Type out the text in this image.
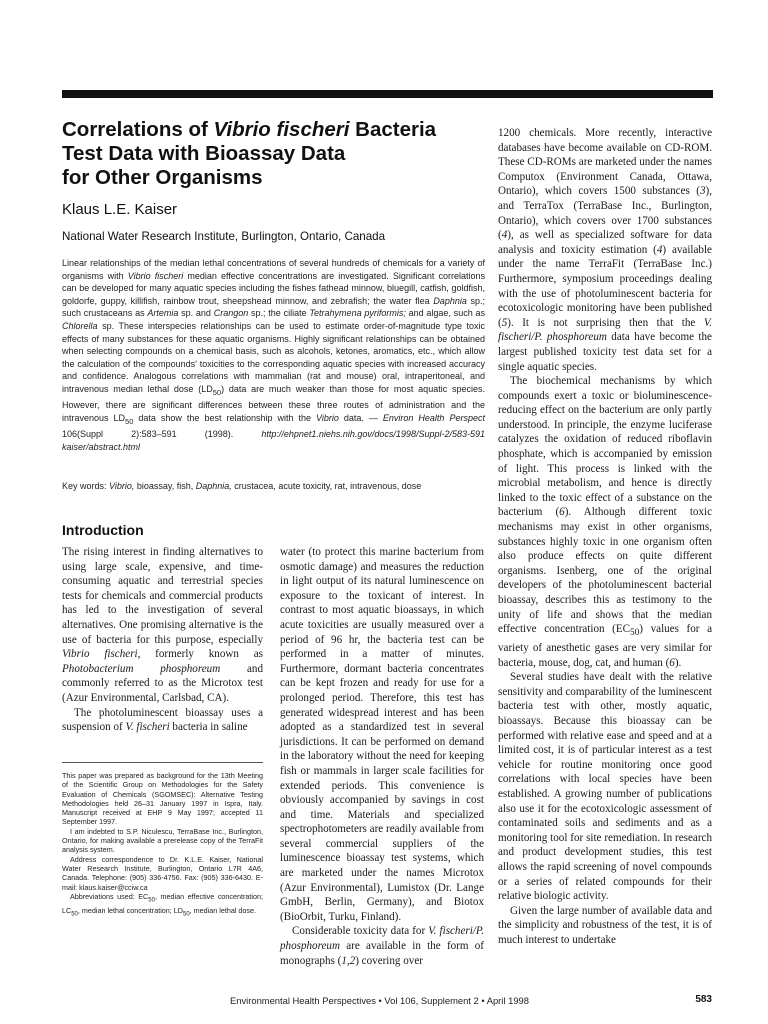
Correlations of Vibrio fischeri Bacteria
Test Data with Bioassay Data
for Other Organisms
Klaus L.E. Kaiser
National Water Research Institute, Burlington, Ontario, Canada

Linear relationships of the median lethal concentrations of several hundreds of chemicals for a variety of organisms with Vibrio fischeri median effective concentrations are investigated. Significant correlations can be developed for many aquatic species including the fishes fathead minnow, bluegill, catfish, goldfish, goldorfe, guppy, killifish, rainbow trout, sheepshead minnow, and zebrafish; the water flea Daphnia sp.; such crustaceans as Artemia sp. and Crangon sp.; the ciliate Tetrahymena pyriformis; and algae, such as Chlorella sp. These interspecies relationships can be used to estimate order-of-magnitude type toxic effects of many substances for these aquatic organisms. Highly significant relationships can be obtained when selecting compounds on a chemical basis, such as alcohols, ketones, aromatics, etc., which allow the calculation of the compounds' toxicities to the corresponding aquatic species with increased accuracy and confidence. Analogous correlations with mammalian (rat and mouse) oral, intraperitoneal, and intravenous median lethal dose $(LD_{50})$ data are much weaker than those for most aquatic species. However, there are significant differences between these three routes of administration and the intravenous $LD_{50}$ data show the best relationship with the Vibrio data. — Environ Health Perspect 106(Suppl 2):583–591 (1998). http://ehpnet1.niehs.nih.gov/docs/1998/Suppl-2/583-591 kaiser/abstract.html

Key words: Vibrio, bioassay, fish, Daphnia, crustacea, acute toxicity, rat, intravenous, dose
Introduction

The rising interest in finding alternatives to using large scale, expensive, and time-consuming aquatic and terrestrial species tests for chemicals and commercial products has led to the investigation of several alternatives. One promising alternative is the use of bacteria for this purpose, especially Vibrio fischeri, formerly known as Photobacterium phosphoreum and commonly referred to as the Microtox test (Azur Environmental, Carlsbad, CA).

The photoluminescent bioassay uses a suspension of V. fischeri bacteria in saline

This paper was prepared as background for the 13th Meeting of the Scientific Group on Methodologies for the Safety Evaluation of Chemicals (SGOMSEC): Alternative Testing Methodologies held 26–31 January 1997 in Ispra, Italy. Manuscript received at EHP 9 May 1997; accepted 11 September 1997.

I am indebted to S.P. Niculescu, TerraBase Inc., Burlington, Ontario, for making available a prerelease copy of the TerraFit analysis system.

Address correspondence to Dr. K.L.E. Kaiser, National Water Research Institute, Burlington, Ontario L7R 4A6, Canada. Telephone: (905) 336-4756. Fax: (905) 336-6430. E-mail: klaus.kaiser@cciw.ca

Abbreviations used: $EC_{50}$, median effective concentration; $LC_{50}$, median lethal concentration; $LD_{50}$, median lethal dose.

water (to protect this marine bacterium from osmotic damage) and measures the reduction in light output of its natural luminescence on exposure to the toxicant of interest. In contrast to most aquatic bioassays, in which acute toxicities are usually measured over a period of 96 hr, the bacteria test can be performed in a matter of minutes. Furthermore, dormant bacteria concentrates can be kept frozen and ready for use for a prolonged period. Therefore, this test has generated widespread interest and has been adopted as a standardized test in several jurisdictions. It can be performed on demand in the laboratory without the need for keeping fish or mammals in larger scale facilities for extended periods. This convenience is obviously accompanied by savings in cost and time. Materials and specialized spectrophotometers are readily available from several commercial suppliers of the luminescence bioassay test systems, which are marketed under the names Microtox (Azur Environmental), Lumistox (Dr. Lange GmbH, Berlin, Germany), and Biotox (BioOrbit, Turku, Finland).

Considerable toxicity data for V. fischeri/P. phosphoreum are available in the form of monographs (1,2) covering over

1200 chemicals. More recently, interactive databases have become available on CD-ROM. These CD-ROMs are marketed under the names Computox (Environment Canada, Ottawa, Ontario), which covers 1500 substances (3), and TerraTox (TerraBase Inc., Burlington, Ontario), which covers over 1700 substances (4), as well as specialized software for data analysis and toxicity estimation (4) available under the name TerraFit (TerraBase Inc.) Furthermore, symposium proceedings dealing with the use of photoluminescent bacteria for ecotoxicologic monitoring have been published (5). It is not surprising then that the V. fischeri/P. phosphoreum data have become the largest published toxicity test data set for a single aquatic species.

The biochemical mechanisms by which compounds exert a toxic or bioluminescence-reducing effect on the bacterium are only partly understood. In principle, the enzyme luciferase catalyzes the oxidation of reduced riboflavin phosphate, which is accompanied by emission of light. This process is linked with the microbial metabolism, and hence is directly linked to the toxic effect of a substance on the bacterium (6). Although different toxic mechanisms may exist in other organisms, substances highly toxic in one organism often also produce effects on quite different organisms. Isenberg, one of the original developers of the photoluminescent bacterial bioassay, describes this as testimony to the unity of life and shows that the median effective concentration $(EC_{50})$ values for a variety of anesthetic gases are very similar for bacteria, mouse, dog, cat, and human (6).

Several studies have dealt with the relative sensitivity and comparability of the luminescent bacteria test with other, mostly aquatic, bioassays. Because this bioassay can be performed with relative ease and speed and at a limited cost, it is of particular interest as a test vehicle for routine monitoring once good correlations with local species have been established. A growing number of publications also use it for the ecotoxicologic assessment of contaminated soils and sediments and as a monitoring tool for site remediation. In research and product development studies, this test allows the rapid screening of novel compounds or a series of related compounds for their relative biologic activity.

Given the large number of available data and the simplicity and robustness of the test, it is of much interest to undertake

Environmental Health Perspectives • Vol 106, Supplement 2 • April 1998	583
